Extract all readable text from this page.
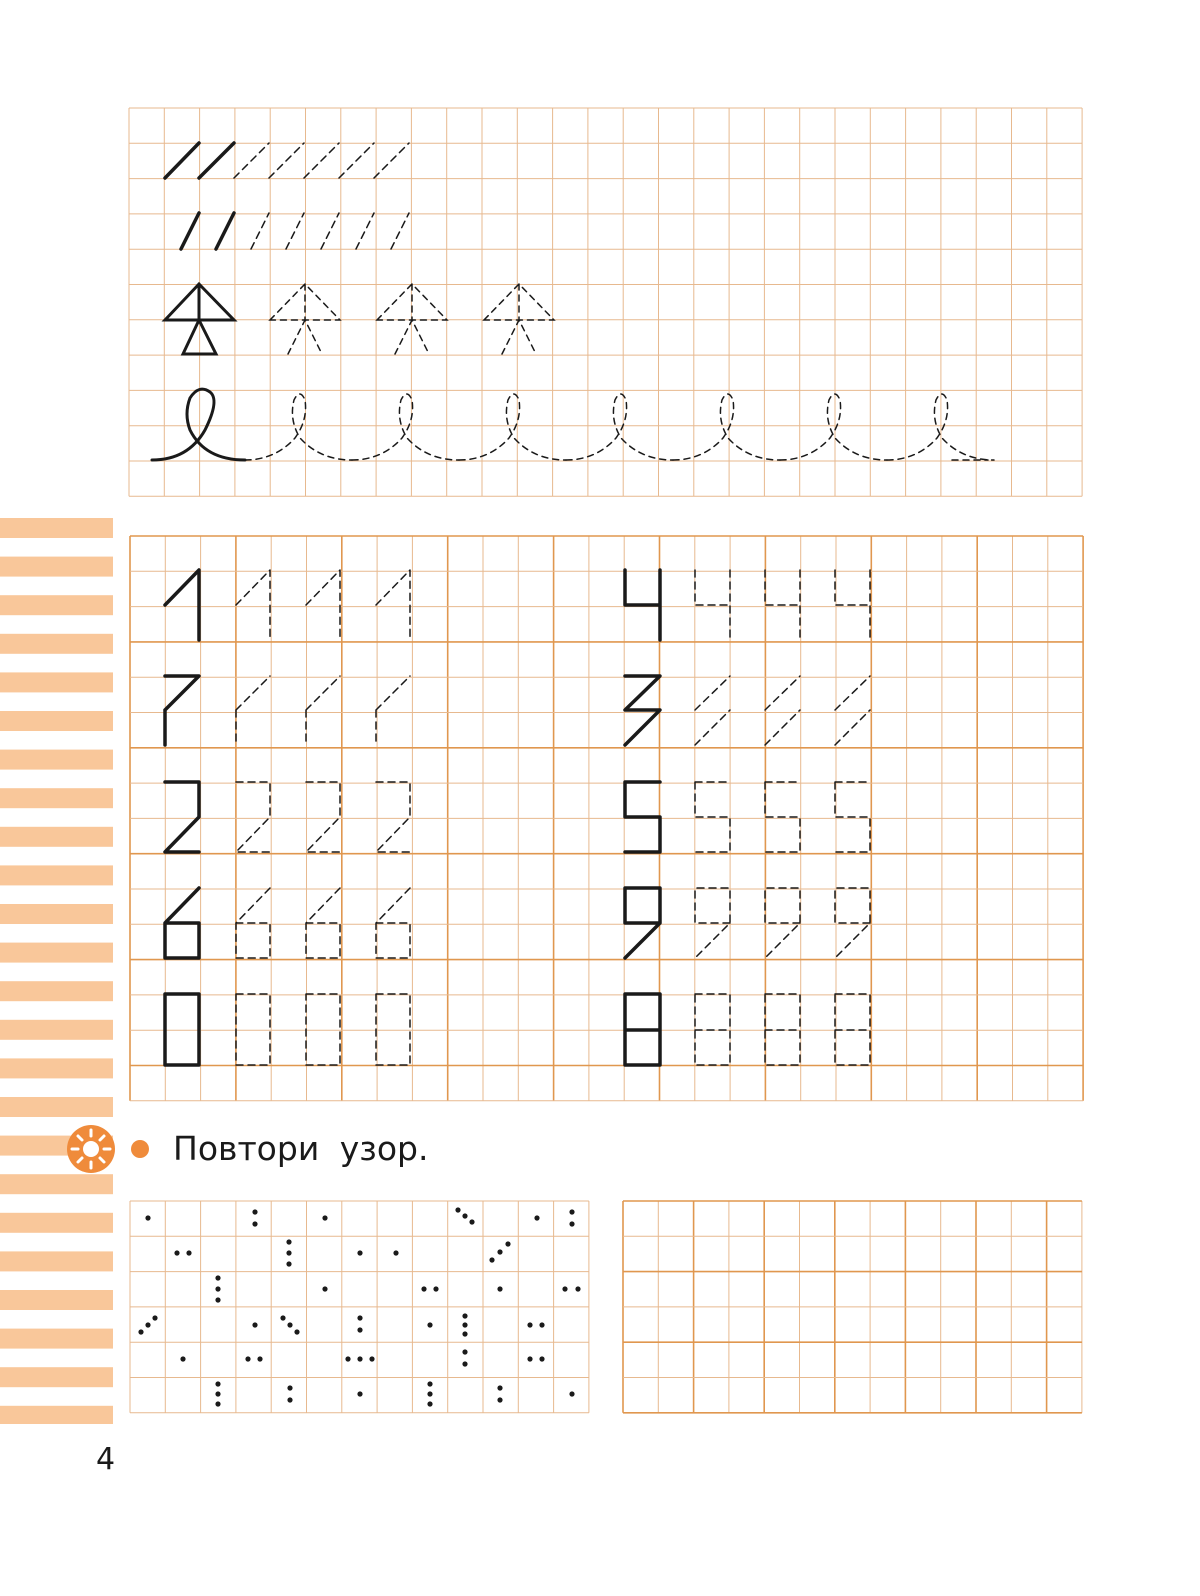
Повтори узор.
4
